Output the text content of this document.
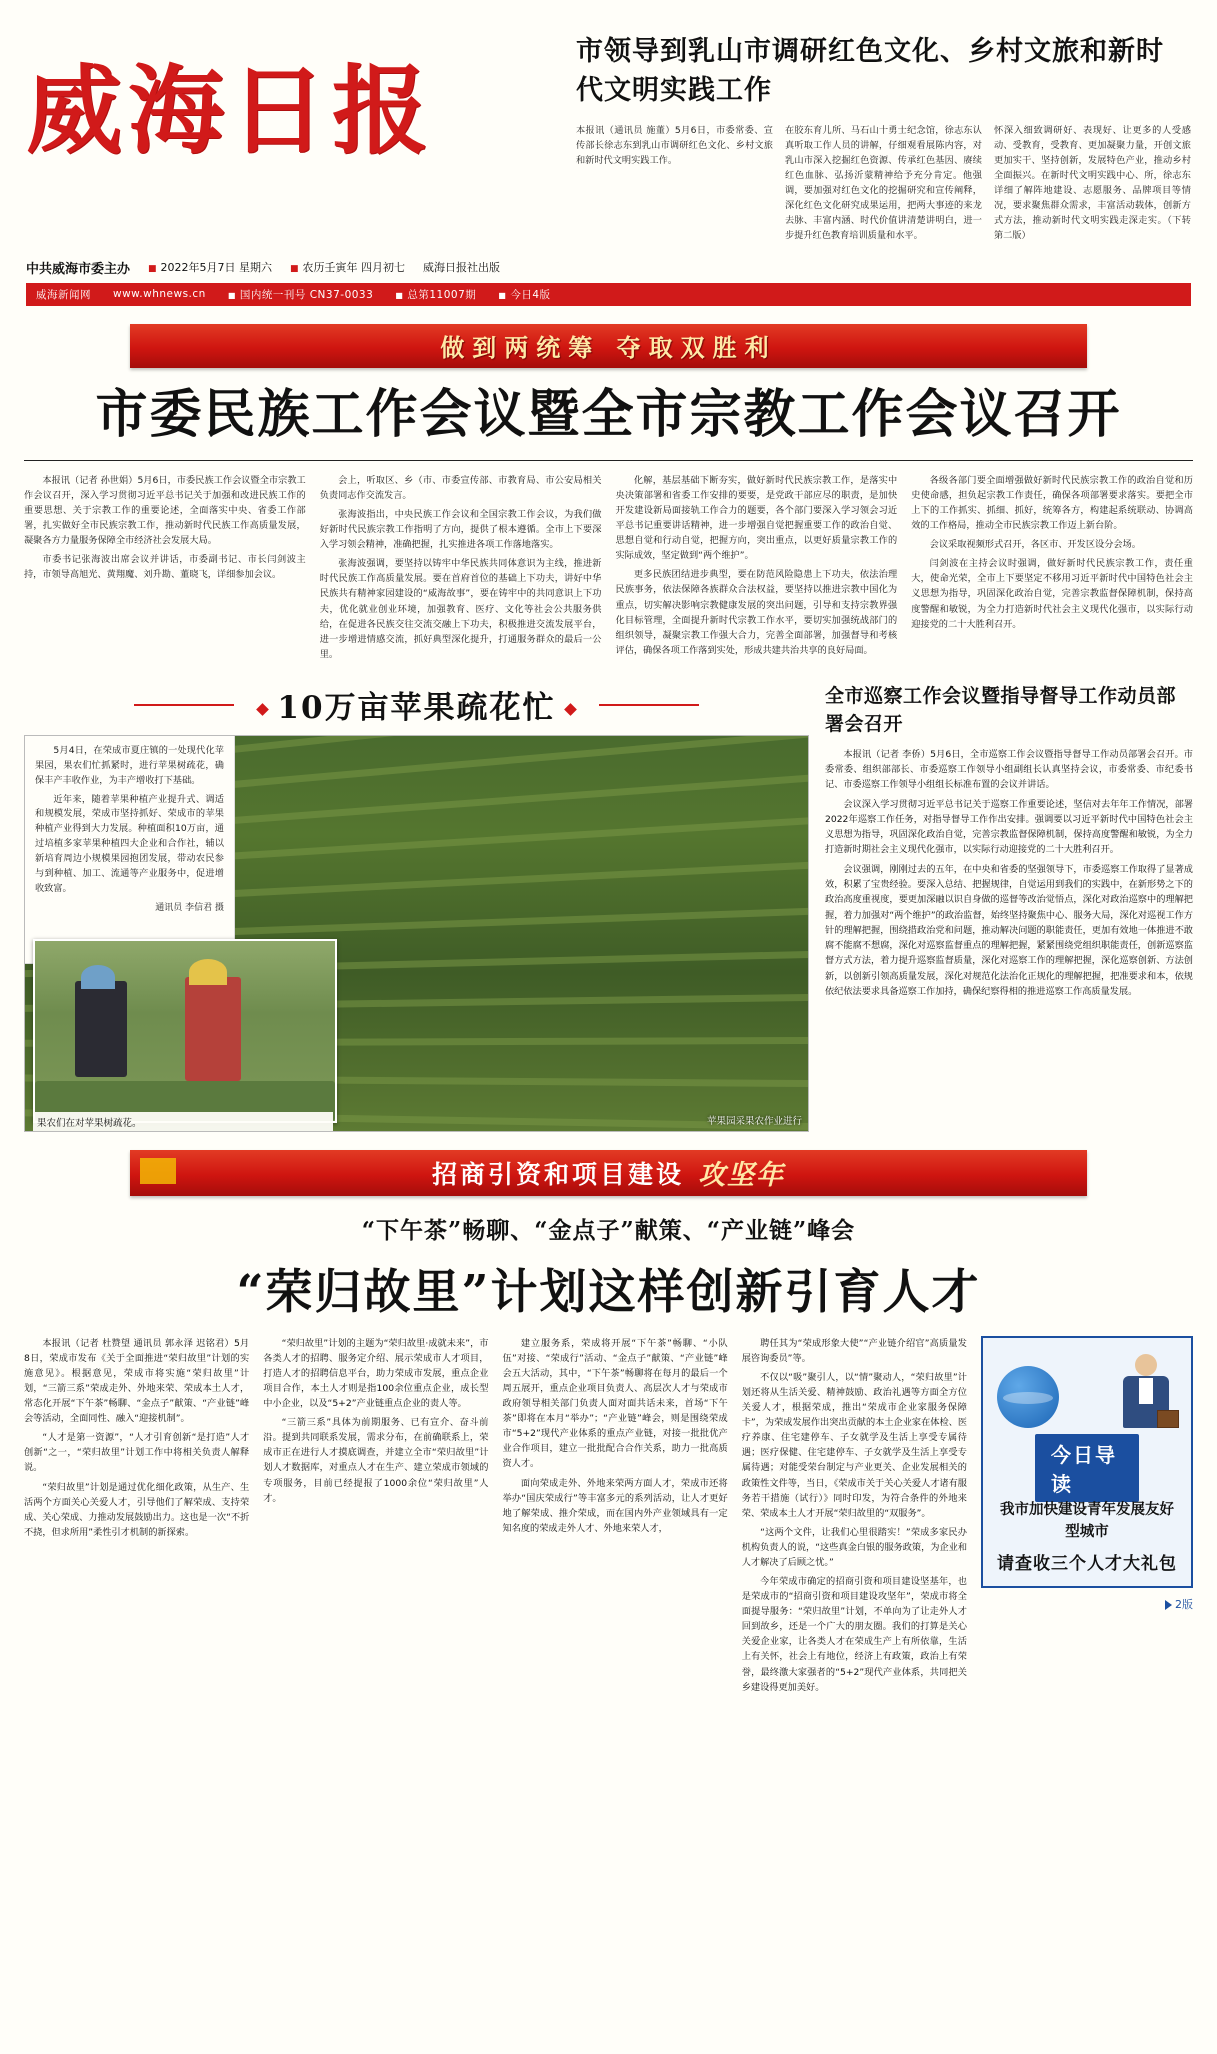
威海日报
市领导到乳山市调研红色文化、乡村文旅和新时代文明实践工作
本报讯（通讯员 施董）5月6日，市委常委、宣传部长徐志东到乳山市调研红色文化、乡村文旅和新时代文明实践工作。
在胶东育儿所、马石山十勇士纪念馆，徐志东认真听取工作人员的讲解，仔细观看展陈内容，对乳山市深入挖掘红色资源、传承红色基因、赓续红色血脉、弘扬沂蒙精神给予充分肯定。他强调，要加强对红色文化的挖掘研究和宣传阐释，深化红色文化研究成果运用，把两大事迹的来龙去脉、丰富内涵、时代价值讲清楚讲明白，进一步提升红色教育培训质量和水平。
怀深入细致调研好、表现好、让更多的人受感动、受教育，受教育、更加凝聚力量，开创文旅更加实干、坚持创新，发展特色产业，推动乡村全面振兴。在新时代文明实践中心、所，徐志东详细了解阵地建设、志愿服务、品牌项目等情况，要求聚焦群众需求，丰富活动载体，创新方式方法，推动新时代文明实践走深走实。（下转第二版）
中共威海市委主办	■ 2022年5月7日 星期六	■ 农历壬寅年 四月初七 威海日报社出版
威海新闻网 www.whnews.cn	■ 国内统一刊号 CN37-0033	■ 总第11007期	■ 今日4版
做到两统筹 夺取双胜利
市委民族工作会议暨全市宗教工作会议召开

本报讯（记者 孙世娟）5月6日，市委民族工作会议暨全市宗教工作会议召开，深入学习贯彻习近平总书记关于加强和改进民族工作的重要思想、关于宗教工作的重要论述，全面落实中央、省委工作部署，扎实做好全市民族宗教工作，推动新时代民族工作高质量发展，凝聚各方力量服务保障全市经济社会发展大局。

市委书记张海波出席会议并讲话，市委副书记、市长闫剑波主持，市领导高旭光、黄翔魔、刘升勘、董晓飞，详细参加会议。

会上，听取区、乡（市、市委宣传部、市教育局、市公安局相关负责同志作交流发言。

张海波指出，中央民族工作会议和全国宗教工作会议，为我们做好新时代民族宗教工作指明了方向，提供了根本遵循。全市上下要深入学习领会精神，准确把握，扎实推进各项工作落地落实。

张海波强调，要坚持以铸牢中华民族共同体意识为主线，推进新时代民族工作高质量发展。要在首府首位的基础上下功夫，讲好中华民族共有精神家园建设的“威海故事”，要在铸牢中的共同意识上下功夫，优化就业创业环境，加强教育、医疗、文化等社会公共服务供给，在促进各民族交往交流交融上下功夫，积极推进交流发展平台，进一步增进情感交流，抓好典型深化提升，打通服务群众的最后一公里。

化解，基层基础下断夯实，做好新时代民族宗教工作，是落实中央决策部署和省委工作安排的要要，是党政干部应尽的职责，是加快开发建设新局面接轨工作合力的题要，各个部门要深入学习领会习近平总书记重要讲话精神，进一步增强自觉把握重要工作的政治自觉、思想自觉和行动自觉，把握方向，突出重点，以更好质量宗教工作的实际成效，坚定做到“两个维护”。

更多民族团结进步典型，要在防范风险隐患上下功夫，依法治理民族事务，依法保障各族群众合法权益，要坚持以推进宗教中国化为重点，切实解决影响宗教健康发展的突出问题，引导和支持宗教界强化目标管理，全面提升新时代宗教工作水平，要切实加强统战部门的组织领导，凝聚宗教工作强大合力，完善全面部署，加强督导和考核评估，确保各项工作落到实处，形成共建共治共享的良好局面。

各级各部门要全面增强做好新时代民族宗教工作的政治自觉和历史使命感，担负起宗教工作责任，确保各项部署要求落实。要把全市上下的工作抓实、抓细、抓好，统筹各方，构建起系统联动、协调高效的工作格局，推动全市民族宗教工作迈上新台阶。

会议采取视频形式召开，各区市、开发区设分会场。

闫剑波在主持会议时强调，做好新时代民族宗教工作，责任重大，使命光荣，全市上下要坚定不移用习近平新时代中国特色社会主义思想为指导，巩固深化政治自觉，完善宗教监督保障机制，保持高度警醒和敏锐，为全力打造新时代社会主义现代化强市，以实际行动迎接党的二十大胜利召开。

10万亩苹果疏花忙

5月4日，在荣成市夏庄镇的一处现代化苹果园，果农们忙抓紧时，进行苹果树疏花，确保丰产丰收作业，为丰产增收打下基础。

近年来，随着苹果种植产业提升式、调适和规模发展，荣成市坚持抓好、荣成市的苹果种植产业得到大力发展。种植面积10万亩，通过培植多家苹果种植四大企业和合作社，辅以新培育周边小规模果园抱团发展，带动农民参与到种植、加工、流通等产业服务中，促进增收致富。

通讯员 李信君 摄
果农们在对苹果树疏花。	苹果园采果农作业进行
全市巡察工作会议暨指导督导工作动员部署会召开

本报讯（记者 李侨）5月6日，全市巡察工作会议暨指导督导工作动员部署会召开。市委常委、组织部部长、市委巡察工作领导小组副组长认真坚持会议，市委常委、市纪委书记、市委巡察工作领导小组组长标准布置的会议并讲话。

会议深入学习贯彻习近平总书记关于巡察工作重要论述，坚信对去年年工作情况，部署2022年巡察工作任务，对指导督导工作作出安排。强调要以习近平新时代中国特色社会主义思想为指导，巩固深化政治自觉，完善宗教监督保障机制，保持高度警醒和敏锐，为全力打造新时期社会主义现代化强市，以实际行动迎接党的二十大胜利召开。

会议强调，刚刚过去的五年，在中央和省委的坚强领导下，市委巡察工作取得了显著成效，积累了宝贵经验。要深入总结、把握规律，自觉运用到我们的实践中，在新形势之下的政治高度重视度，要更加深融以识自身做的巡督等改治觉悟点，深化对政治巡察中的理解把握，着力加强对“两个维护”的政治监督，始终坚持聚焦中心、服务大局，深化对巡视工作方针的理解把握，围绕措政治党和问题，推动解决问题的职能责任，更加有效地一体推进不敢腐不能腐不想腐，深化对巡察监督重点的理解把握，紧紧围绕党组织职能责任，创新巡察监督方式方法，着力提升巡察监督质量，深化对巡察工作的理解把握，深化巡察创新、方法创新，以创新引领高质量发展，深化对规范化法治化正规化的理解把握，把准要求和本，依规依纪依法要求具备巡察工作加持，确保纪察得相的推进巡察工作高质量发展。

招商引资和项目建设 攻坚年
“下午茶”畅聊、“金点子”献策、“产业链”峰会
“荣归故里”计划这样创新引育人才

本报讯（记者 杜赞望 通讯员 郭永泽 迟铭君）5月8日，荣成市发布《关于全面推进“荣归故里”计划的实施意见》。根据意见，荣成市将实施“荣归故里”计划，“三箭三系”荣成走外、外地来荣、荣成本土人才，常态化开展“下午茶”畅聊、“金点子”献策、“产业链”峰会等活动，全面同性、融入“迎接机制”。

“人才是第一资源”，“人才引育创新“是打造”人才创新“之一，“荣归故里”计划工作中将相关负责人解释说。

“荣归故里”计划是通过优化细化政策，从生产、生活两个方面关心关爱人才，引导他们了解荣成、支持荣成、关心荣成、力推动发展鼓励出力。这也是一次“不折不挠，但求所用”柔性引才机制的新探索。

“荣归故里”计划的主题为“荣归故里·成就未来”，市各类人才的招聘、服务定介绍、展示荣成市人才项目，打造人才的招聘信息平台，助力荣成市发展，重点企业项目合作，本土人才则是指100余位重点企业，成长型中小企业，以及“5+2”产业链重点企业的责人等。

“三箭三系”具体为前期服务、已有宣介、奋斗前沿。提到共同联系发展，需求分布，在前确联系上，荣成市正在进行人才摸底调查，并建立全市“荣归故里”计划人才数据库，对重点人才在生产、建立荣成市领域的专项服务，目前已经提报了1000余位“荣归故里”人才。

建立服务系，荣成将开展“下午茶”畅聊、“小队伍”对接、“荣成行”活动、“金点子”献策、“产业链”峰会五大活动，其中，“下午茶”畅聊将在每月的最后一个周五展开，重点企业项目负责人、高层次人才与荣成市政府领导相关部门负责人面对面共话未来，首场“下午茶”即将在本月“举办”；“产业链”峰会，则是围绕荣成市“5+2”现代产业体系的重点产业链，对接一批批优产业合作项目，建立一批批配合合作关系，助力一批高质资人才。

面向荣成走外、外地来荣两方面人才，荣成市还将举办“国庆荣成行”等丰富多元的系列活动，让人才更好地了解荣成、推介荣成，而在国内外产业领域具有一定知名度的荣成走外人才、外地来荣人才，

聘任其为“荣成形象大使”“产业链介绍官”高质量发展咨询委员”等。

不仅以“吸”聚引人，以“情”聚动人，“荣归故里”计划还将从生活关爱、精神鼓励、政治礼遇等方面全方位关爱人才，根据荣成，推出“荣成市企业家服务保障卡”，为荣成发展作出突出贡献的本土企业家在体检、医疗养康、住宅建停车、子女就学及生活上享受专属待遇；医疗保健、住宅建停车、子女就学及生活上享受专属待遇；对能受荣台制定与产业更关、企业发展相关的政策性文件等，当日，《荣成市关于关心关爱人才诸有服务若干措施（试行）》同时印发，为符合条件的外地来荣、荣成本土人才开展“荣归故里的“双服务”。

“这两个文件，让我们心里很踏实！”荣成多家民办机构负责人的说，“这些真金白银的服务政策，为企业和人才解决了后顾之忧。”

今年荣成市确定的招商引资和项目建设坚基年，也是荣成市的“招商引资和项目建设攻坚年”，荣成市将全面提导服务：“荣归故里”计划，不单向为了让走外人才回到故乡，还是一个广大的朋友圈。我们的打算是关心关爱企业家，让各类人才在荣成生产上有所依靠，生活上有关怀，社会上有地位，经济上有政策，政治上有荣誉，最终激大家强者的“5+2”现代产业体系，共同把关乡建设得更加美好。

今日导读
我市加快建设青年发展友好型城市
请查收三个人才大礼包
2版
